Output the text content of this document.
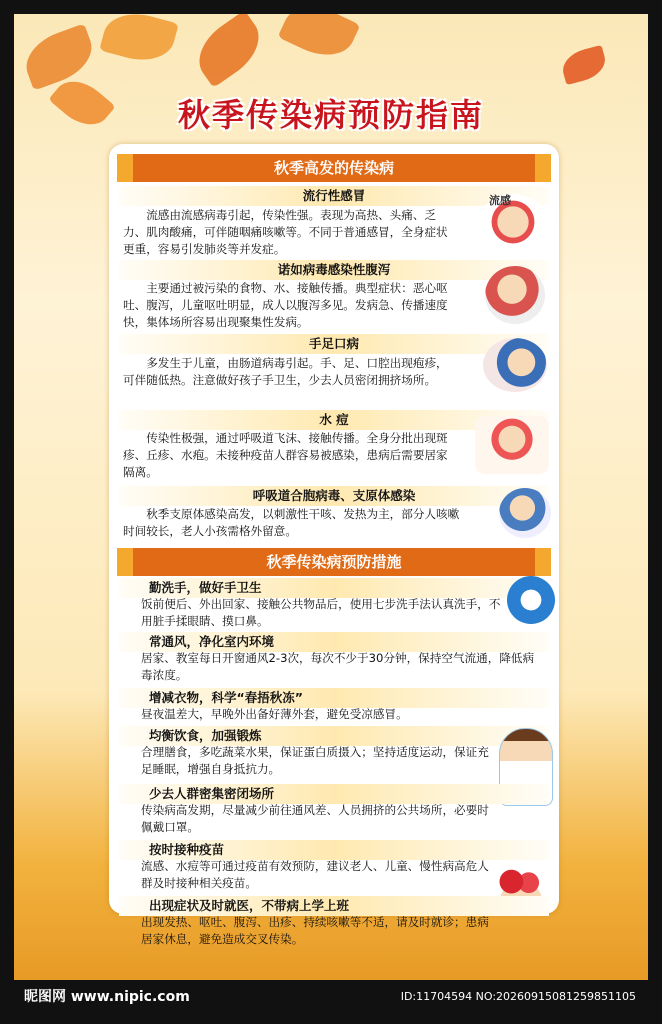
秋季传染病预防指南
秋季高发的传染病
流行性感冒
流感由流感病毒引起，传染性强。表现为高热、头痛、乏力、肌肉酸痛，可伴随咽痛咳嗽等。不同于普通感冒，全身症状更重，容易引发肺炎等并发症。
流感
诺如病毒感染性腹泻
主要通过被污染的食物、水、接触传播。典型症状：恶心呕吐、腹泻，儿童呕吐明显，成人以腹泻多见。发病急、传播速度快，集体场所容易出现聚集性发病。
手足口病
多发生于儿童，由肠道病毒引起。手、足、口腔出现疱疹，可伴随低热。注意做好孩子手卫生，少去人员密闭拥挤场所。
水 痘
传染性极强，通过呼吸道飞沫、接触传播。全身分批出现斑疹、丘疹、水疱。未接种疫苗人群容易被感染，患病后需要居家隔离。
呼吸道合胞病毒、支原体感染
秋季支原体感染高发，以刺激性干咳、发热为主，部分人咳嗽时间较长，老人小孩需格外留意。
秋季传染病预防措施
勤洗手，做好手卫生
饭前便后、外出回家、接触公共物品后，使用七步洗手法认真洗手，不用脏手揉眼睛、摸口鼻。
常通风，净化室内环境
居家、教室每日开窗通风2-3次，每次不少于30分钟，保持空气流通，降低病毒浓度。
增减衣物，科学“春捂秋冻”
昼夜温差大，早晚外出备好薄外套，避免受凉感冒。
均衡饮食，加强锻炼
合理膳食，多吃蔬菜水果，保证蛋白质摄入；坚持适度运动，保证充足睡眠，增强自身抵抗力。
少去人群密集密闭场所
传染病高发期，尽量减少前往通风差、人员拥挤的公共场所，必要时佩戴口罩。
按时接种疫苗
流感、水痘等可通过疫苗有效预防，建议老人、儿童、慢性病高危人群及时接种相关疫苗。
出现症状及时就医，不带病上学上班
出现发热、呕吐、腹泻、出疹、持续咳嗽等不适，请及时就诊；患病居家休息，避免造成交叉传染。
昵图网 www.nipic.com	ID:11704594 NO:20260915081259851105
